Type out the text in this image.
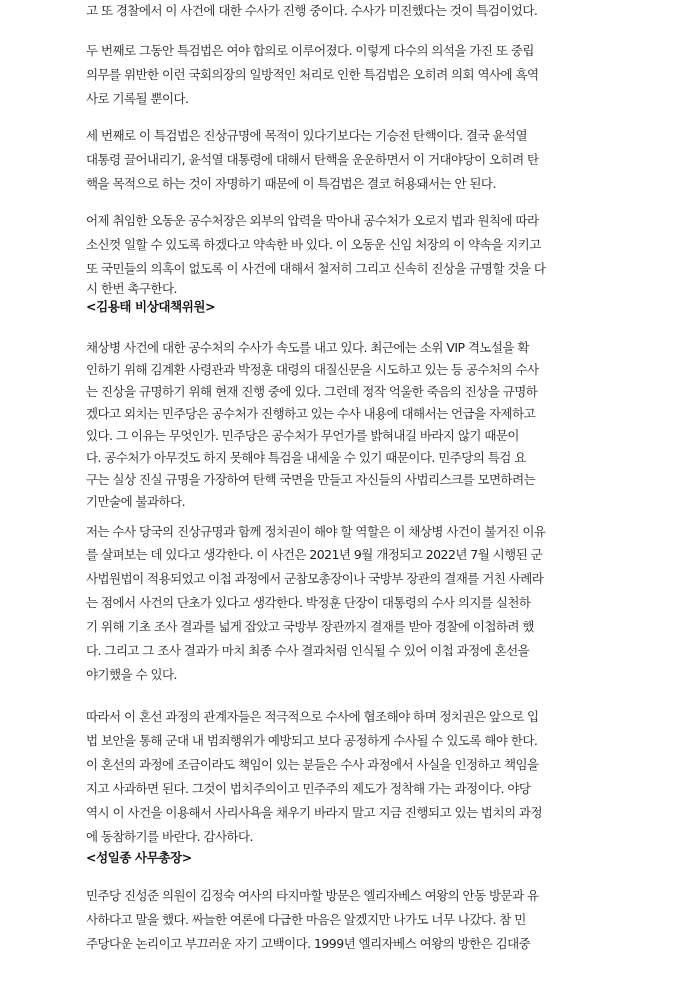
고 또 경찰에서 이 사건에 대한 수사가 진행 중이다. 수사가 미진했다는 것이 특검이었다.
두 번째로 그동안 특검법은 여야 합의로 이루어졌다. 이렇게 다수의 의석을 가진 또 중립
의무를 위반한 이런 국회의장의 일방적인 처리로 인한 특검법은 오히려 의회 역사에 흑역
사로 기록될 뿐이다.
세 번째로 이 특검법은 진상규명에 목적이 있다기보다는 기승전 탄핵이다. 결국 윤석열
대통령 끌어내리기, 윤석열 대통령에 대해서 탄핵을 운운하면서 이 거대야당이 오히려 탄
핵을 목적으로 하는 것이 자명하기 때문에 이 특검법은 결코 허용돼서는 안 된다.
어제 취임한 오동운 공수처장은 외부의 압력을 막아내 공수처가 오로지 법과 원칙에 따라
소신껏 일할 수 있도록 하겠다고 약속한 바 있다. 이 오동운 신임 처장의 이 약속을 지키고
또 국민들의 의혹이 없도록 이 사건에 대해서 철저히 그리고 신속히 진상을 규명할 것을 다
시 한번 촉구한다.
<김용태 비상대책위원>
채상병 사건에 대한 공수처의 수사가 속도를 내고 있다. 최근에는 소위 VIP 격노설을 확
인하기 위해 김계환 사령관과 박정훈 대령의 대질신문을 시도하고 있는 등 공수처의 수사
는 진상을 규명하기 위해 현재 진행 중에 있다. 그런데 정작 억울한 죽음의 진상을 규명하
겠다고 외치는 민주당은 공수처가 진행하고 있는 수사 내용에 대해서는 언급을 자제하고
있다. 그 이유는 무엇인가. 민주당은 공수처가 무언가를 밝혀내길 바라지 않기 때문이
다. 공수처가 아무것도 하지 못해야 특검을 내세울 수 있기 때문이다. 민주당의 특검 요
구는 실상 진실 규명을 가장하여 탄핵 국면을 만들고 자신들의 사법리스크를 모면하려는
기만술에 불과하다.
저는 수사 당국의 진상규명과 함께 정치권이 해야 할 역할은 이 채상병 사건이 불거진 이유
를 살펴보는 데 있다고 생각한다. 이 사건은 2021년 9월 개정되고 2022년 7월 시행된 군
사법원법이 적용되었고 이첩 과정에서 군참모총장이나 국방부 장관의 결재를 거친 사례라
는 점에서 사건의 단초가 있다고 생각한다. 박정훈 단장이 대통령의 수사 의지를 실천하
기 위해 기초 조사 결과를 넓게 잡았고 국방부 장관까지 결재를 받아 경찰에 이첩하려 했
다. 그리고 그 조사 결과가 마치 최종 수사 결과처럼 인식될 수 있어 이첩 과정에 혼선을
야기했을 수 있다.
따라서 이 혼선 과정의 관계자들은 적극적으로 수사에 협조해야 하며 정치권은 앞으로 입
법 보안을 통해 군대 내 범죄행위가 예방되고 보다 공정하게 수사될 수 있도록 해야 한다.
이 혼선의 과정에 조금이라도 책임이 있는 분들은 수사 과정에서 사실을 인정하고 책임을
지고 사과하면 된다. 그것이 법치주의이고 민주주의 제도가 정착해 가는 과정이다. 야당
역시 이 사건을 이용해서 사리사욕을 채우기 바라지 말고 지금 진행되고 있는 법치의 과정
에 동참하기를 바란다. 감사하다.
<성일종 사무총장>
민주당 진성준 의원이 김정숙 여사의 타지마할 방문은 엘리자베스 여왕의 안동 방문과 유
사하다고 말을 했다. 싸늘한 여론에 다급한 마음은 알겠지만 나가도 너무 나갔다. 참 민
주당다운 논리이고 부끄러운 자기 고백이다. 1999년 엘리자베스 여왕의 방한은 김대중
